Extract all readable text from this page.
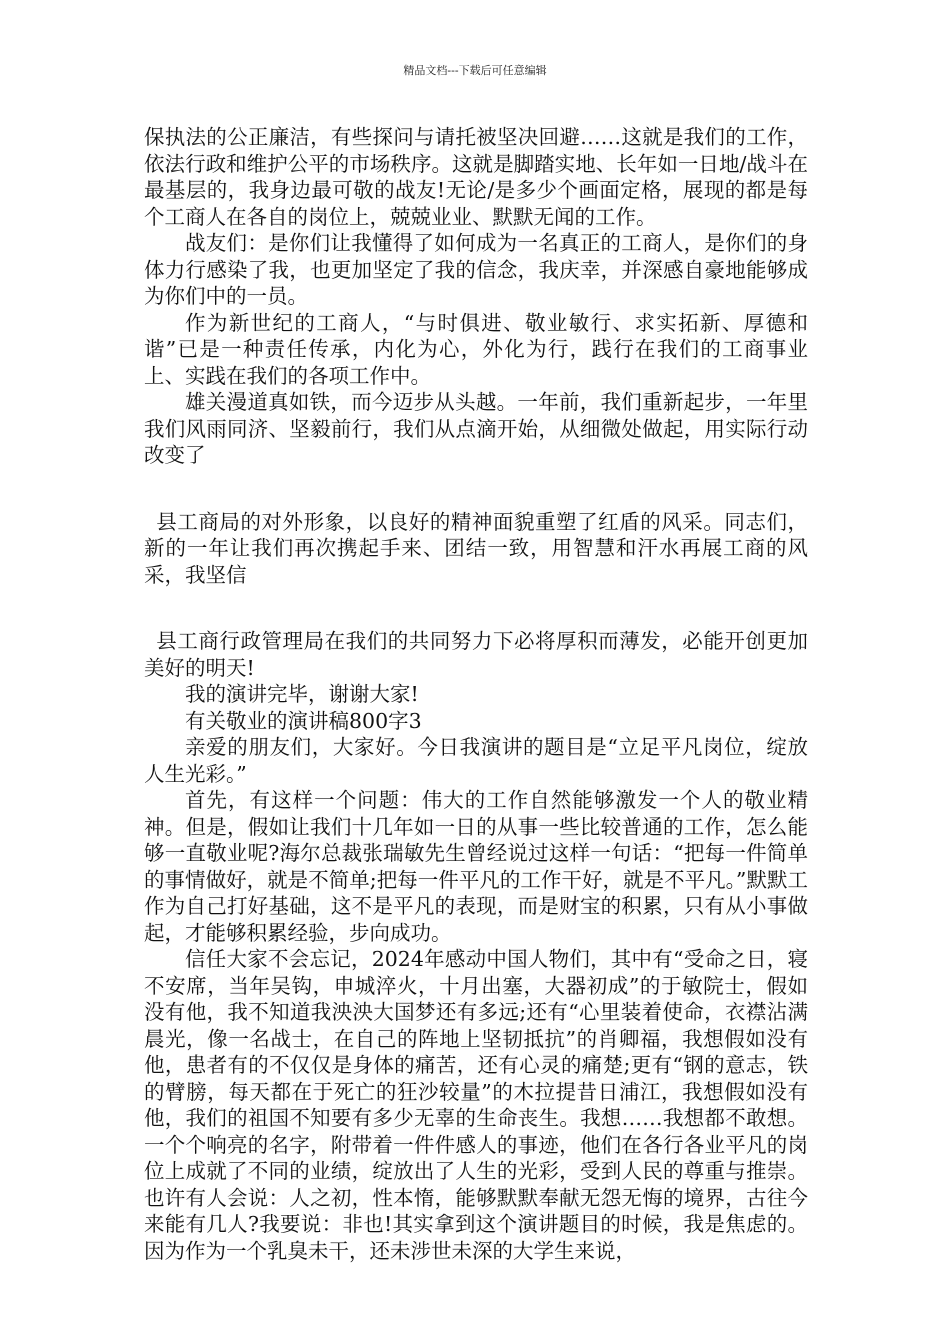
精品文档---下载后可任意编辑

保执法的公正廉洁，有些探问与请托被坚决回避……这就是我们的工作，依法行政和维护公平的市场秩序。这就是脚踏实地、长年如一日地/战斗在最基层的，我身边最可敬的战友!无论/是多少个画面定格，展现的都是每个工商人在各自的岗位上，兢兢业业、默默无闻的工作。

战友们：是你们让我懂得了如何成为一名真正的工商人，是你们的身体力行感染了我，也更加坚定了我的信念，我庆幸，并深感自豪地能够成为你们中的一员。

作为新世纪的工商人，“与时俱进、敬业敏行、求实拓新、厚德和谐”已是一种责任传承，内化为心，外化为行，践行在我们的工商事业上、实践在我们的各项工作中。

雄关漫道真如铁，而今迈步从头越。一年前，我们重新起步，一年里我们风雨同济、坚毅前行，我们从点滴开始，从细微处做起，用实际行动改变了

县工商局的对外形象，以良好的精神面貌重塑了红盾的风采。同志们，新的一年让我们再次携起手来、团结一致，用智慧和汗水再展工商的风采，我坚信

县工商行政管理局在我们的共同努力下必将厚积而薄发，必能开创更加美好的明天!

我的演讲完毕，谢谢大家!

有关敬业的演讲稿800字3

亲爱的朋友们，大家好。今日我演讲的题目是“立足平凡岗位，绽放人生光彩。”

首先，有这样一个问题：伟大的工作自然能够激发一个人的敬业精神。但是，假如让我们十几年如一日的从事一些比较普通的工作，怎么能够一直敬业呢?海尔总裁张瑞敏先生曾经说过这样一句话：“把每一件简单的事情做好，就是不简单;把每一件平凡的工作干好，就是不平凡。”默默工作为自己打好基础，这不是平凡的表现，而是财宝的积累，只有从小事做起，才能够积累经验，步向成功。

信任大家不会忘记，2024年感动中国人物们，其中有“受命之日，寝不安席，当年吴钩，申城淬火，十月出塞，大器初成”的于敏院士，假如没有他，我不知道我泱泱大国梦还有多远;还有“心里装着使命，衣襟沾满晨光，像一名战士，在自己的阵地上坚韧抵抗”的肖卿福，我想假如没有他，患者有的不仅仅是身体的痛苦，还有心灵的痛楚;更有“钢的意志，铁的臂膀，每天都在于死亡的狂沙较量”的木拉提昔日浦江，我想假如没有他，我们的祖国不知要有多少无辜的生命丧生。我想……我想都不敢想。一个个响亮的名字，附带着一件件感人的事迹，他们在各行各业平凡的岗位上成就了不同的业绩，绽放出了人生的光彩，受到人民的尊重与推崇。也许有人会说：人之初，性本惰，能够默默奉献无怨无悔的境界，古往今来能有几人?我要说：非也!其实拿到这个演讲题目的时候，我是焦虑的。因为作为一个乳臭未干，还未涉世未深的大学生来说，
